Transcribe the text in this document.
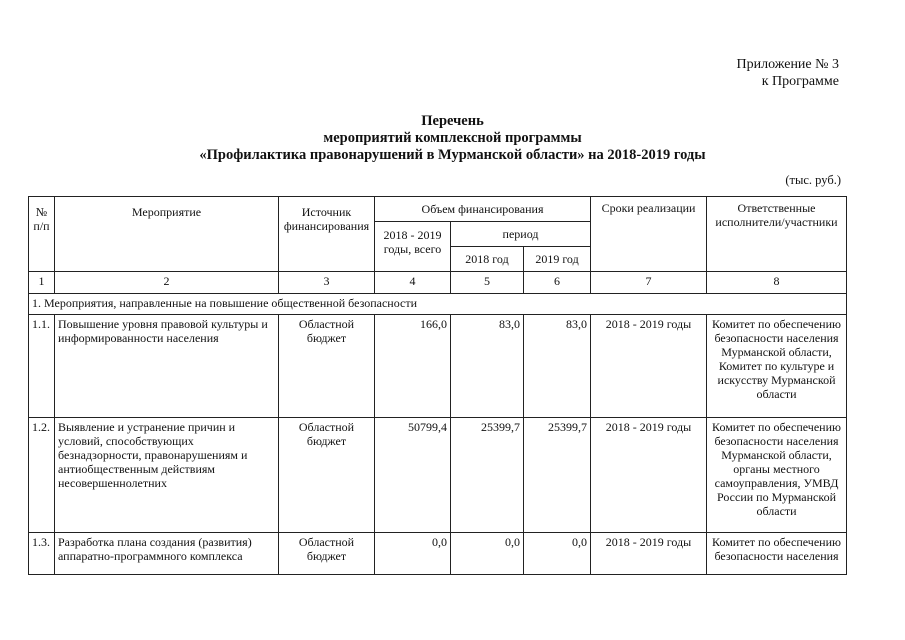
Приложение № 3
к Программе
Перечень
мероприятий комплексной программы
«Профилактика правонарушений в Мурманской области» на 2018-2019 годы
(тыс. руб.)
№ п/п	Мероприятие	Источник финансирования	Объем финансирования			Сроки реализации	Ответственные исполнители/участники
			2018 - 2019 годы, всего	период			
				2018 год	2019 год		
1	2	3	4	5	6	7	8
1. Мероприятия, направленные на повышение общественной безопасности							
1.1.	Повышение уровня правовой культуры и информированности населения	Областной бюджет	166,0	83,0	83,0	2018 - 2019 годы	Комитет по обеспечению безопасности населения Мурманской области, Комитет по культуре и искусству Мурманской области
1.2.	Выявление и устранение причин и условий, способствующих безнадзорности, правонарушениям и антиобщественным действиям несовершеннолетних	Областной бюджет	50799,4	25399,7	25399,7	2018 - 2019 годы	Комитет по обеспечению безопасности населения Мурманской области, органы местного самоуправления, УМВД России по Мурманской области
1.3.	Разработка плана создания (развития) аппаратно-программного комплекса	Областной бюджет	0,0	0,0	0,0	2018 - 2019 годы	Комитет по обеспечению безопасности населения
